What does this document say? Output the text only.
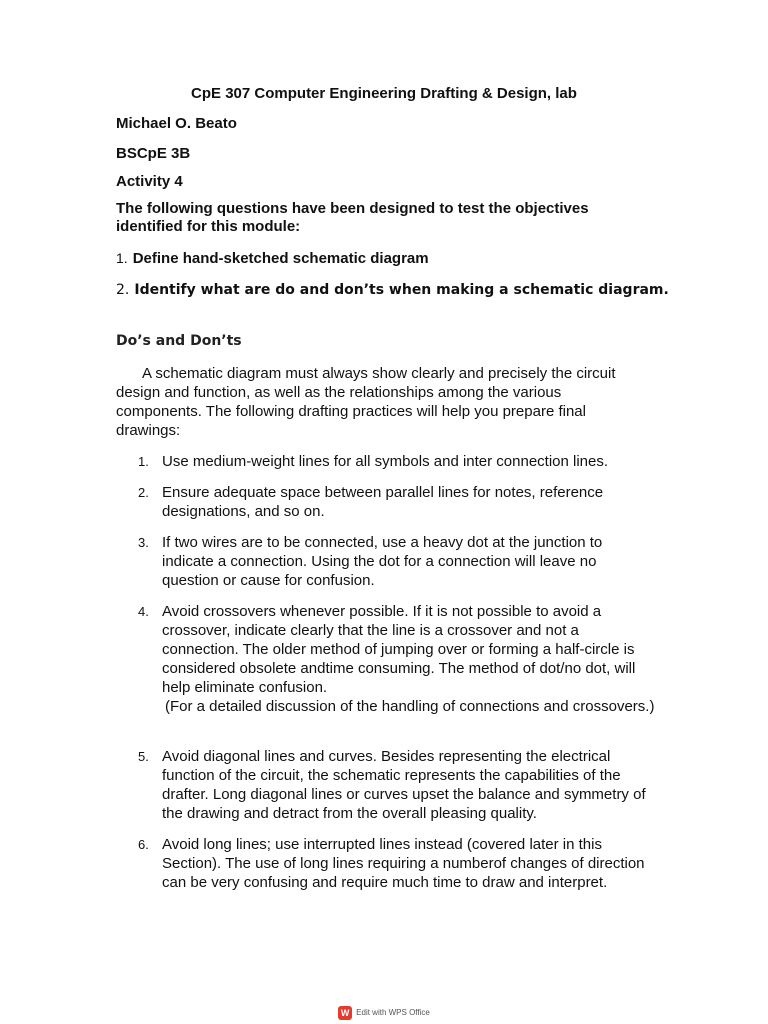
CpE 307 Computer Engineering Drafting & Design, lab
Michael O. Beato
BSCpE 3B
Activity 4
The following questions have been designed to test the objectives identified for this module:
1. Define hand-sketched schematic diagram
2. Identify what are do and don’ts when making a schematic diagram.
Do’s and Don’ts
A schematic diagram must always show clearly and precisely the circuit design and function, as well as the relationships among the various components. The following drafting practices will help you prepare final drawings:
1. Use medium-weight lines for all symbols and inter connection lines.
2. Ensure adequate space between parallel lines for notes, reference designations, and so on.
3. If two wires are to be connected, use a heavy dot at the junction to indicate a connection. Using the dot for a connection will leave no question or cause for confusion.
4. Avoid crossovers whenever possible. If it is not possible to avoid a crossover, indicate clearly that the line is a crossover and not a connection. The older method of jumping over or forming a half-circle is considered obsolete andtime consuming. The method of dot/no dot, will help eliminate confusion.
(For a detailed discussion of the handling of connections and crossovers.)
5. Avoid diagonal lines and curves. Besides representing the electrical function of the circuit, the schematic represents the capabilities of the drafter. Long diagonal lines or curves upset the balance and symmetry of the drawing and detract from the overall pleasing quality.
6. Avoid long lines; use interrupted lines instead (covered later in this Section). The use of long lines requiring a numberof changes of direction can be very confusing and require much time to draw and interpret.
W Edit with WPS Office
